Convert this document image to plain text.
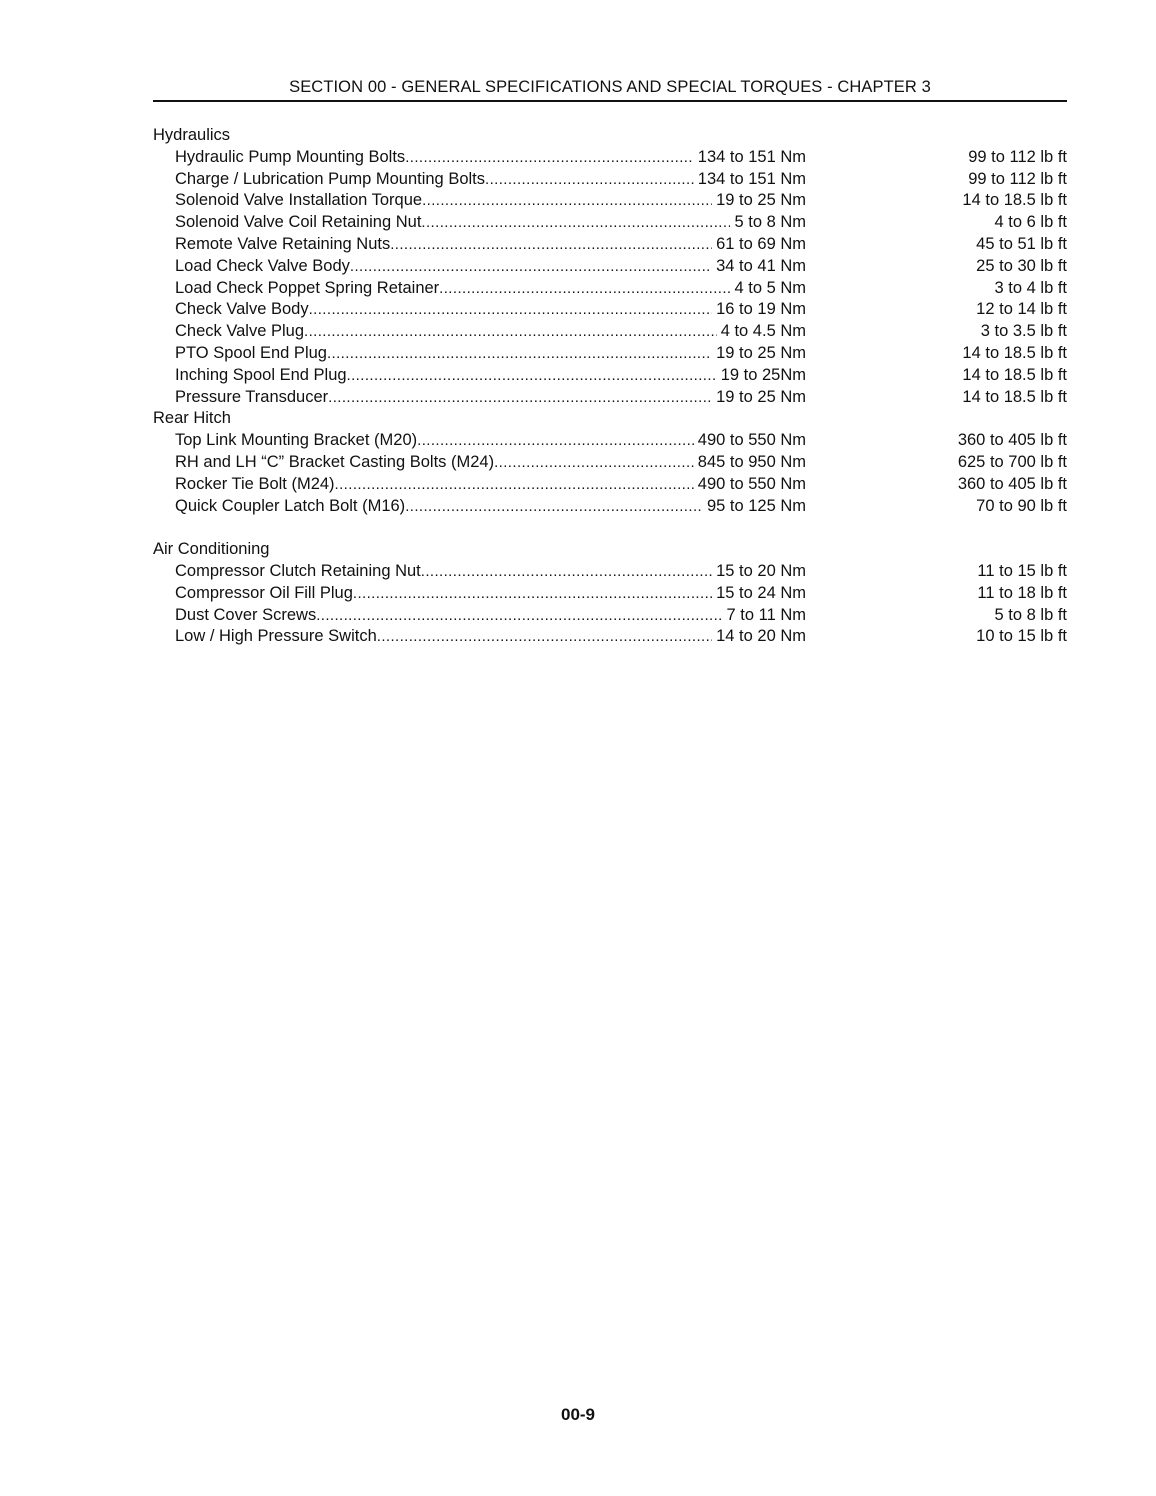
SECTION 00 - GENERAL SPECIFICATIONS AND SPECIAL TORQUES - CHAPTER 3
Hydraulics
Hydraulic Pump Mounting Bolts .....	134 to 151 Nm	99 to 112 lb ft
Charge / Lubrication Pump Mounting Bolts .....	134 to 151 Nm	99 to 112 lb ft
Solenoid Valve Installation Torque .....	19 to 25 Nm	14 to 18.5 lb ft
Solenoid Valve Coil Retaining Nut .....	5 to 8 Nm	4 to 6 lb ft
Remote Valve Retaining Nuts .....	61 to 69 Nm	45 to 51 lb ft
Load Check Valve Body .....	34 to 41 Nm	25 to 30 lb ft
Load Check Poppet Spring Retainer .....	4 to 5 Nm	3 to 4 lb ft
Check Valve Body .....	16 to 19 Nm	12 to 14 lb ft
Check Valve Plug .....	4 to 4.5 Nm	3 to 3.5 lb ft
PTO Spool End Plug .....	19 to 25 Nm	14 to 18.5 lb ft
Inching Spool End Plug .....	19 to 25Nm	14 to 18.5 lb ft
Pressure Transducer .....	19 to 25 Nm	14 to 18.5 lb ft
Rear Hitch
Top Link Mounting Bracket (M20) .....	490 to 550 Nm	360 to 405 lb ft
RH and LH “C” Bracket Casting Bolts (M24) .....	845 to 950 Nm	625 to 700 lb ft
Rocker Tie Bolt (M24) .....	490 to 550 Nm	360 to 405 lb ft
Quick Coupler Latch Bolt (M16) .....	95 to 125 Nm	70 to 90 lb ft
Air Conditioning
Compressor Clutch Retaining Nut .....	15 to 20 Nm	11 to 15 lb ft
Compressor Oil Fill Plug .....	15 to 24 Nm	11 to 18 lb ft
Dust Cover Screws .....	7 to 11 Nm	5 to 8 lb ft
Low / High Pressure Switch .....	14 to 20 Nm	10 to 15 lb ft
00-9
